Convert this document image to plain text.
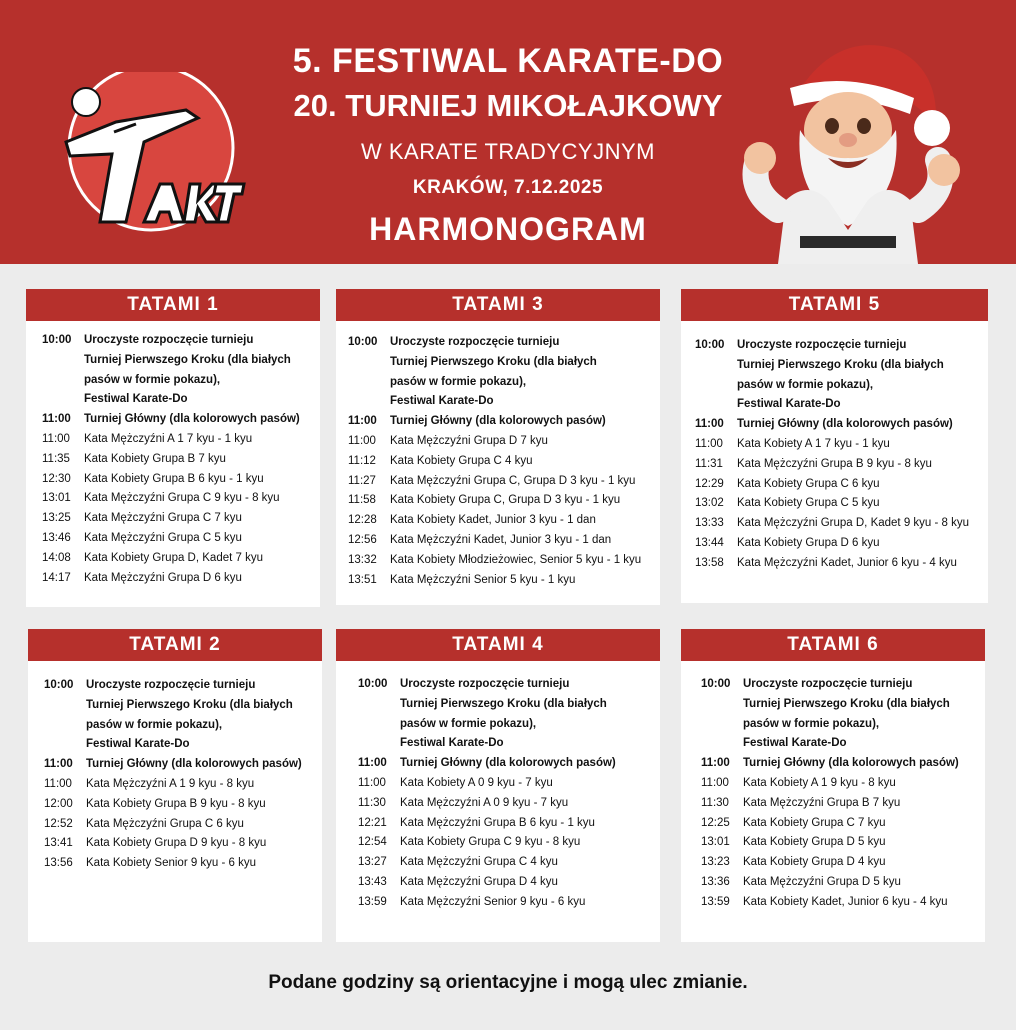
5. FESTIWAL KARATE-DO
20. TURNIEJ MIKOŁAJKOWY
W KARATE TRADYCYJNYM
KRAKÓW, 7.12.2025
HARMONOGRAM
TATAMI 1
10:00	Uroczyste rozpoczęcie turnieju
Turniej Pierwszego Kroku (dla białych
pasów w formie pokazu),
Festiwal Karate-Do
11:00	Turniej Główny (dla kolorowych pasów)
11:00	Kata Mężczyźni A 1 7 kyu - 1 kyu
11:35	Kata Kobiety Grupa B 7 kyu
12:30	Kata Kobiety Grupa B 6 kyu - 1 kyu
13:01	Kata Mężczyźni Grupa C 9 kyu - 8 kyu
13:25	Kata Mężczyźni Grupa C 7 kyu
13:46	Kata Mężczyźni Grupa C 5 kyu
14:08	Kata Kobiety Grupa D, Kadet 7 kyu
14:17	Kata Mężczyźni Grupa D 6 kyu
TATAMI 3
10:00	Uroczyste rozpoczęcie turnieju
Turniej Pierwszego Kroku (dla białych
pasów w formie pokazu),
Festiwal Karate-Do
11:00	Turniej Główny (dla kolorowych pasów)
11:00	Kata Mężczyźni Grupa D 7 kyu
11:12	Kata Kobiety Grupa C 4 kyu
11:27	Kata Mężczyźni Grupa C, Grupa D 3 kyu - 1 kyu
11:58	Kata Kobiety Grupa C, Grupa D 3 kyu - 1 kyu
12:28	Kata Kobiety Kadet, Junior 3 kyu - 1 dan
12:56	Kata Mężczyźni Kadet, Junior 3 kyu - 1 dan
13:32	Kata Kobiety Młodzieżowiec, Senior 5 kyu - 1 kyu
13:51	Kata Mężczyźni Senior 5 kyu - 1 kyu
TATAMI 5
10:00	Uroczyste rozpoczęcie turnieju
Turniej Pierwszego Kroku (dla białych
pasów w formie pokazu),
Festiwal Karate-Do
11:00	Turniej Główny (dla kolorowych pasów)
11:00	Kata Kobiety A 1 7 kyu - 1 kyu
11:31	Kata Mężczyźni Grupa B 9 kyu - 8 kyu
12:29	Kata Kobiety Grupa C 6 kyu
13:02	Kata Kobiety Grupa C 5 kyu
13:33	Kata Mężczyźni Grupa D, Kadet 9 kyu - 8 kyu
13:44	Kata Kobiety Grupa D 6 kyu
13:58	Kata Mężczyźni Kadet, Junior 6 kyu - 4 kyu
TATAMI 2
10:00	Uroczyste rozpoczęcie turnieju
Turniej Pierwszego Kroku (dla białych
pasów w formie pokazu),
Festiwal Karate-Do
11:00	Turniej Główny (dla kolorowych pasów)
11:00	Kata Mężczyźni A 1 9 kyu - 8 kyu
12:00	Kata Kobiety Grupa B 9 kyu - 8 kyu
12:52	Kata Mężczyźni Grupa C 6 kyu
13:41	Kata Kobiety Grupa D 9 kyu - 8 kyu
13:56	Kata Kobiety Senior 9 kyu - 6 kyu
TATAMI 4
10:00	Uroczyste rozpoczęcie turnieju
Turniej Pierwszego Kroku (dla białych
pasów w formie pokazu),
Festiwal Karate-Do
11:00	Turniej Główny (dla kolorowych pasów)
11:00	Kata Kobiety A 0 9 kyu - 7 kyu
11:30	Kata Mężczyźni A 0 9 kyu - 7 kyu
12:21	Kata Mężczyźni Grupa B 6 kyu - 1 kyu
12:54	Kata Kobiety Grupa C 9 kyu - 8 kyu
13:27	Kata Mężczyźni Grupa C 4 kyu
13:43	Kata Mężczyźni Grupa D 4 kyu
13:59	Kata Mężczyźni Senior 9 kyu - 6 kyu
TATAMI 6
10:00	Uroczyste rozpoczęcie turnieju
Turniej Pierwszego Kroku (dla białych
pasów w formie pokazu),
Festiwal Karate-Do
11:00	Turniej Główny (dla kolorowych pasów)
11:00	Kata Kobiety A 1 9 kyu - 8 kyu
11:30	Kata Mężczyźni Grupa B 7 kyu
12:25	Kata Kobiety Grupa C 7 kyu
13:01	Kata Kobiety Grupa D 5 kyu
13:23	Kata Kobiety Grupa D 4 kyu
13:36	Kata Mężczyźni Grupa D 5 kyu
13:59	Kata Kobiety Kadet, Junior 6 kyu - 4 kyu
Podane godziny są orientacyjne i mogą ulec zmianie.
